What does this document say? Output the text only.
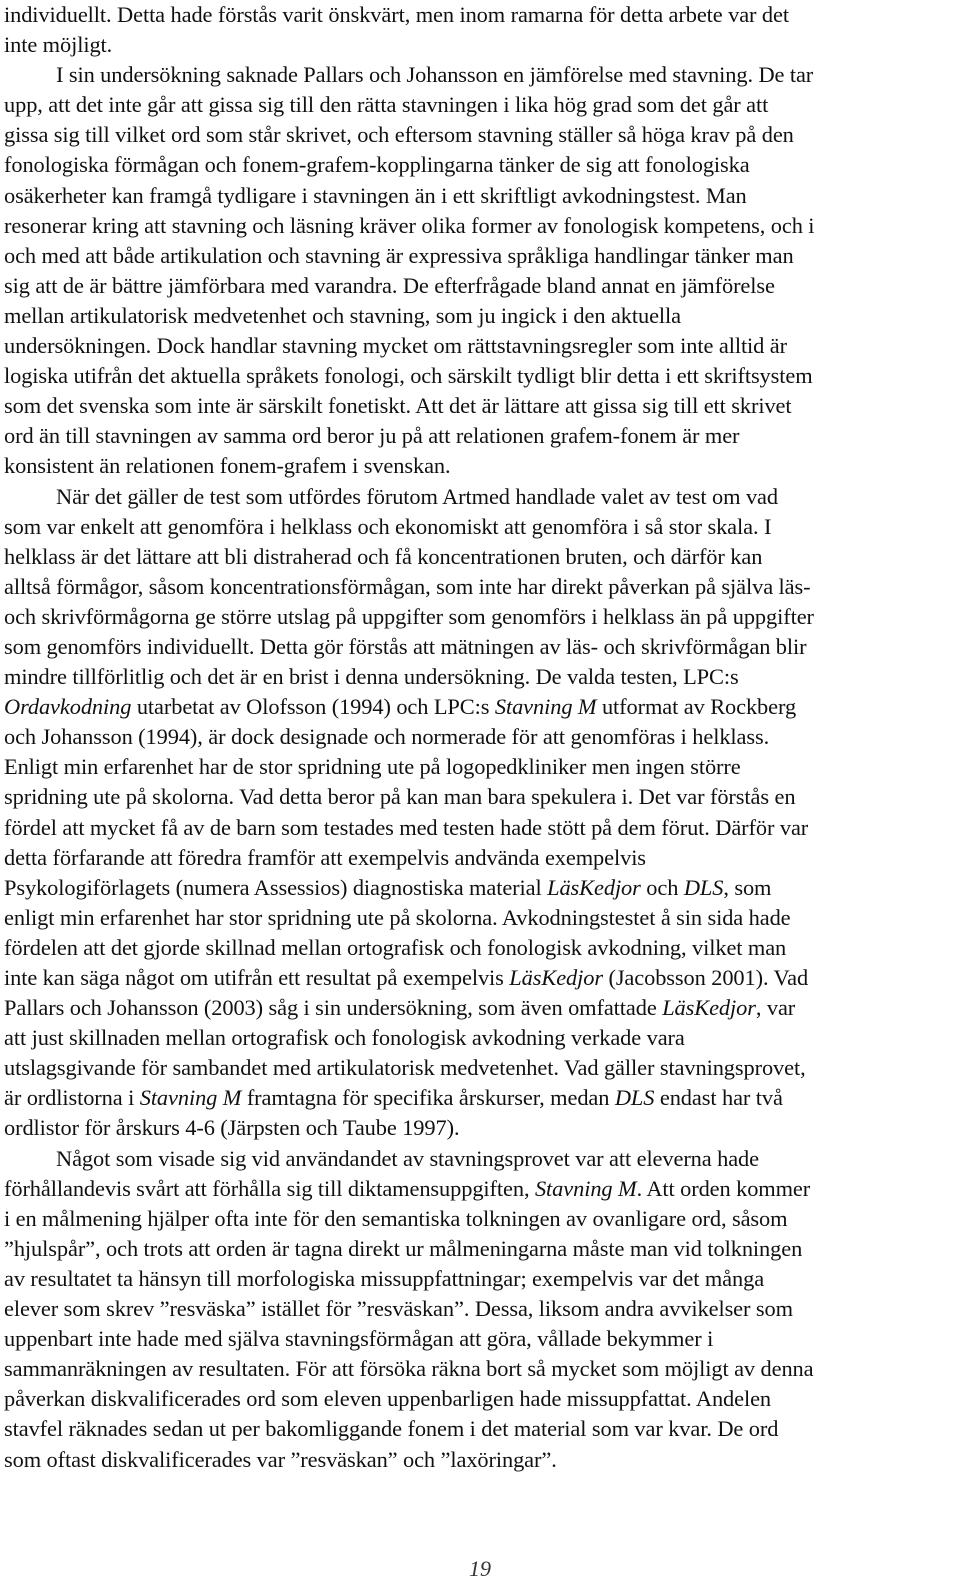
individuellt. Detta hade förstås varit önskvärt, men inom ramarna för detta arbete var det
inte möjligt.
I sin undersökning saknade Pallars och Johansson en jämförelse med stavning. De tar
upp, att det inte går att gissa sig till den rätta stavningen i lika hög grad som det går att
gissa sig till vilket ord som står skrivet, och eftersom stavning ställer så höga krav på den
fonologiska förmågan och fonem-grafem-kopplingarna tänker de sig att fonologiska
osäkerheter kan framgå tydligare i stavningen än i ett skriftligt avkodningstest. Man
resonerar kring att stavning och läsning kräver olika former av fonologisk kompetens, och i
och med att både artikulation och stavning är expressiva språkliga handlingar tänker man
sig att de är bättre jämförbara med varandra. De efterfrågade bland annat en jämförelse
mellan artikulatorisk medvetenhet och stavning, som ju ingick i den aktuella
undersökningen. Dock handlar stavning mycket om rättstavningsregler som inte alltid är
logiska utifrån det aktuella språkets fonologi, och särskilt tydligt blir detta i ett skriftsystem
som det svenska som inte är särskilt fonetiskt. Att det är lättare att gissa sig till ett skrivet
ord än till stavningen av samma ord beror ju på att relationen grafem-fonem är mer
konsistent än relationen fonem-grafem i svenskan.
När det gäller de test som utfördes förutom Artmed handlade valet av test om vad
som var enkelt att genomföra i helklass och ekonomiskt att genomföra i så stor skala. I
helklass är det lättare att bli distraherad och få koncentrationen bruten, och därför kan
alltså förmågor, såsom koncentrationsförmågan, som inte har direkt påverkan på själva läs-
och skrivförmågorna ge större utslag på uppgifter som genomförs i helklass än på uppgifter
som genomförs individuellt. Detta gör förstås att mätningen av läs- och skrivförmågan blir
mindre tillförlitlig och det är en brist i denna undersökning. De valda testen, LPC:s
Ordavkodning utarbetat av Olofsson (1994) och LPC:s Stavning M utformat av Rockberg
och Johansson (1994), är dock designade och normerade för att genomföras i helklass.
Enligt min erfarenhet har de stor spridning ute på logopedkliniker men ingen större
spridning ute på skolorna. Vad detta beror på kan man bara spekulera i. Det var förstås en
fördel att mycket få av de barn som testades med testen hade stött på dem förut. Därför var
detta förfarande att föredra framför att exempelvis andvända exempelvis
Psykologiförlagets (numera Assessios) diagnostiska material LäsKedjor och DLS, som
enligt min erfarenhet har stor spridning ute på skolorna. Avkodningstestet å sin sida hade
fördelen att det gjorde skillnad mellan ortografisk och fonologisk avkodning, vilket man
inte kan säga något om utifrån ett resultat på exempelvis LäsKedjor (Jacobsson 2001). Vad
Pallars och Johansson (2003) såg i sin undersökning, som även omfattade LäsKedjor, var
att just skillnaden mellan ortografisk och fonologisk avkodning verkade vara
utslagsgivande för sambandet med artikulatorisk medvetenhet. Vad gäller stavningsprovet,
är ordlistorna i Stavning M framtagna för specifika årskurser, medan DLS endast har två
ordlistor för årskurs 4-6 (Järpsten och Taube 1997).
Något som visade sig vid användandet av stavningsprovet var att eleverna hade
förhållandevis svårt att förhålla sig till diktamensuppgiften, Stavning M. Att orden kommer
i en målmening hjälper ofta inte för den semantiska tolkningen av ovanligare ord, såsom
”hjulspår”, och trots att orden är tagna direkt ur målmeningarna måste man vid tolkningen
av resultatet ta hänsyn till morfologiska missuppfattningar; exempelvis var det många
elever som skrev ”resväska” istället för ”resväskan”. Dessa, liksom andra avvikelser som
uppenbart inte hade med själva stavningsförmågan att göra, vållade bekymmer i
sammanräkningen av resultaten. För att försöka räkna bort så mycket som möjligt av denna
påverkan diskvalificerades ord som eleven uppenbarligen hade missuppfattat. Andelen
stavfel räknades sedan ut per bakomliggande fonem i det material som var kvar. De ord
som oftast diskvalificerades var ”resväskan” och ”laxöringar”.
19
